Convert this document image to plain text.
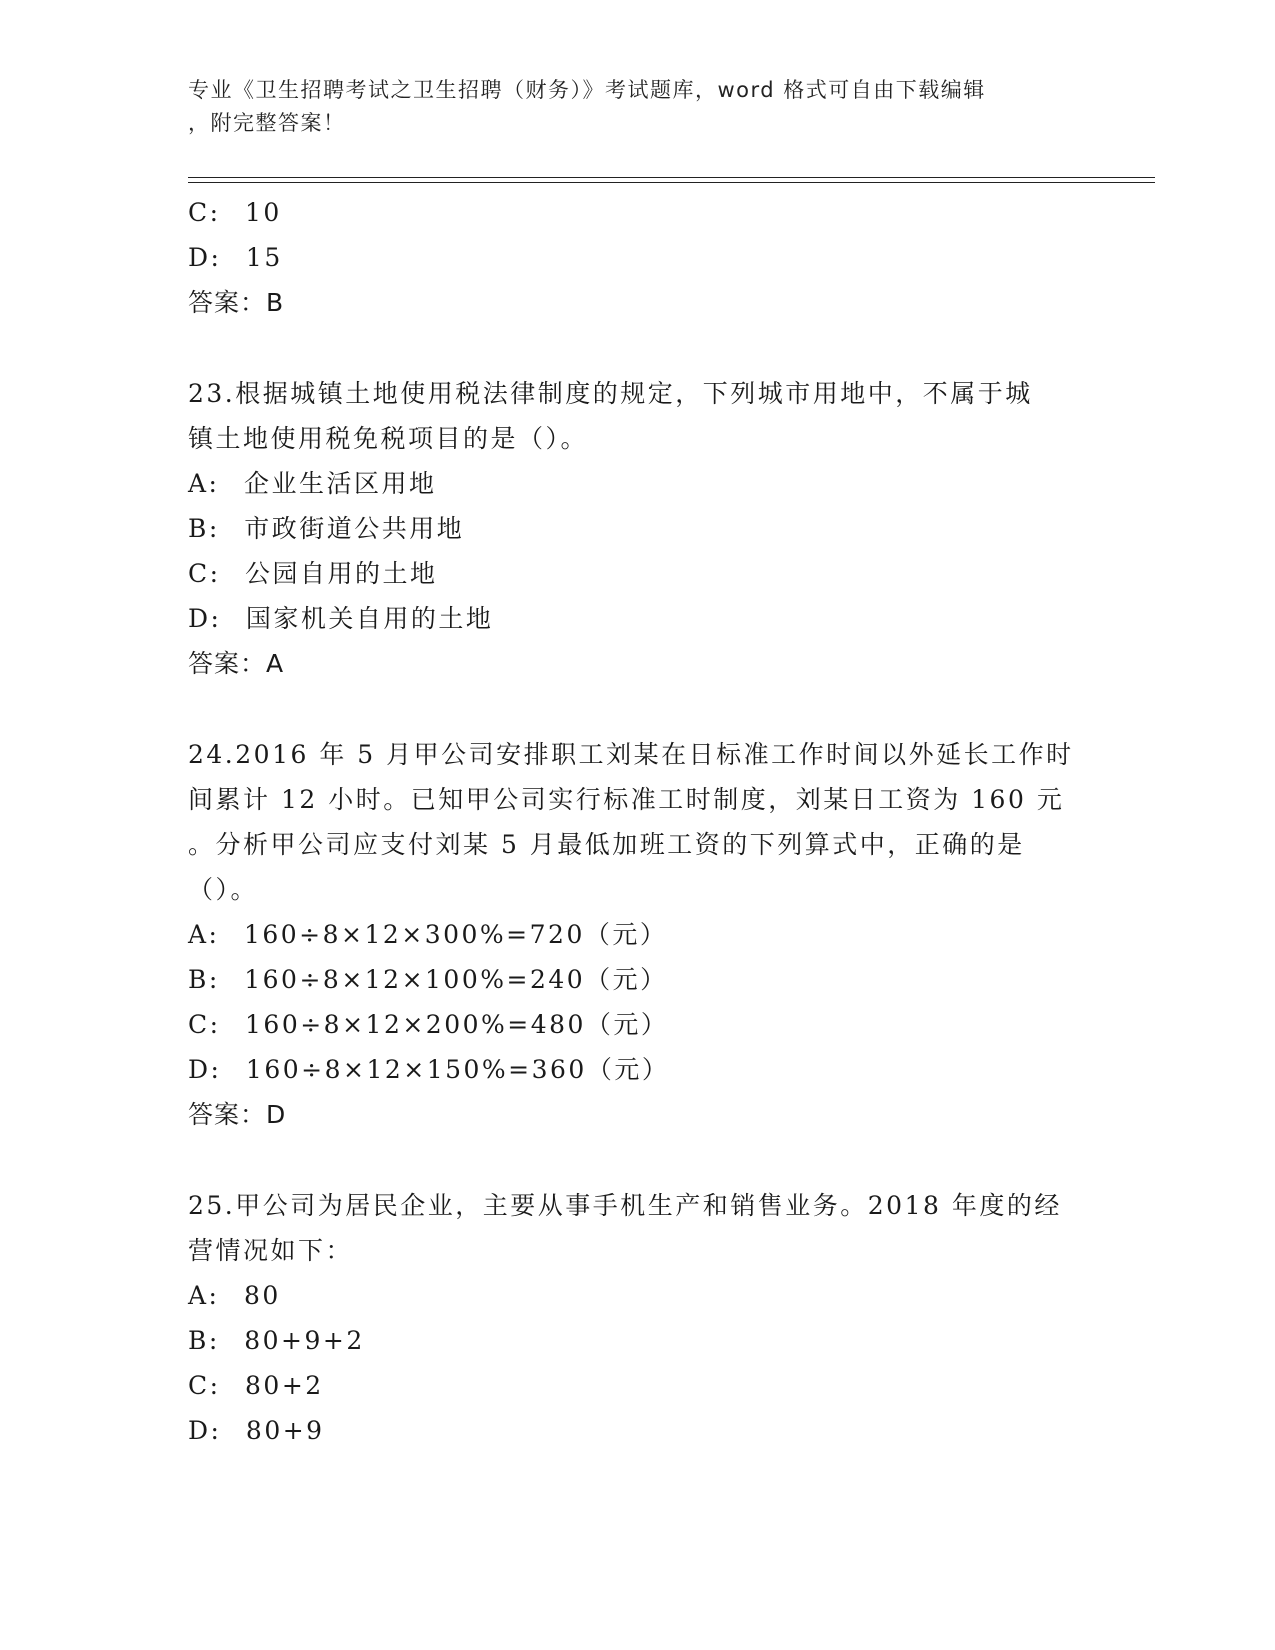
专业《卫生招聘考试之卫生招聘（财务）》考试题库，word 格式可自由下载编辑
，附完整答案！
C: 10
D: 15
答案：B
23.根据城镇土地使用税法律制度的规定，下列城市用地中，不属于城
镇土地使用税免税项目的是（）。
A: 企业生活区用地
B: 市政街道公共用地
C: 公园自用的土地
D: 国家机关自用的土地
答案：A
24.2016 年 5 月甲公司安排职工刘某在日标准工作时间以外延长工作时
间累计 12 小时。已知甲公司实行标准工时制度，刘某日工资为 160 元
。分析甲公司应支付刘某 5 月最低加班工资的下列算式中，正确的是
（）。
A: 160÷8×12×300%=720（元）
B: 160÷8×12×100%=240（元）
C: 160÷8×12×200%=480（元）
D: 160÷8×12×150%=360（元）
答案：D
25.甲公司为居民企业，主要从事手机生产和销售业务。2018 年度的经
营情况如下：
A: 80
B: 80+9+2
C: 80+2
D: 80+9
